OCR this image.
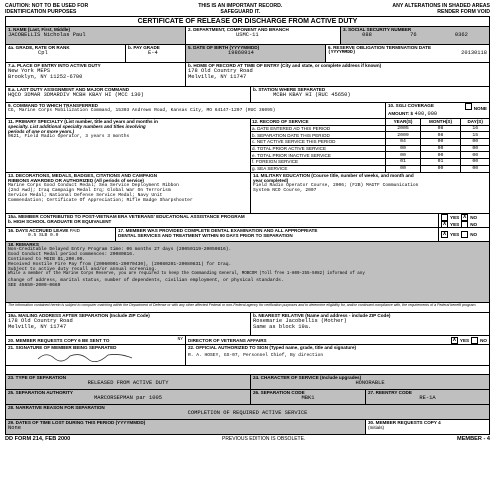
CAUTION: NOT TO BE USED FOR
IDENTIFICATION PURPOSES
THIS IS AN IMPORTANT RECORD.
SAFEGUARD IT.
ANY ALTERATIONS IN SHADED AREAS
RENDER FORM VOID
CERTIFICATE OF RELEASE OR DISCHARGE FROM ACTIVE DUTY
1. NAME (Last, First, Middle)
JACOBELLIS Nicholas Paul
2. DEPARTMENT, COMPONENT AND BRANCH
USMC-11
3. SOCIAL SECURITY NUMBER
088	76	0362
4a. GRADE, RATE OR RANK
Cpl
b. PAY GRADE
E-4
5. DATE OF BIRTH (YYYYMMDD)
19860914
6. RESERVE OBLIGATION TERMINATION DATE
(YYYYMMDD)	20130118
7.a. PLACE OF ENTRY INTO ACTIVE DUTY
New York MEPS
Brooklyn, NY 11252-6700
b. HOME OF RECORD AT TIME OF ENTRY (City and state, or complete address if known)
178 Old Country Road
Melville, NY 11747
8.a. LAST DUTY ASSIGNMENT AND MAJOR COMMAND
HQCO 3DMAR 3DMARDIV MCBH KBAY HI (MCC 130)
b. STATION WHERE SEPARATED
MCBH KBAY HI (RUC 45650)
9. COMMAND TO WHICH TRANSFERRED
CG, Marine Corps Mobilization Command, 15303 Andrews Road, Kansas City, MO 64147-1207 (RUC 36095)
10. SGLI COVERAGE
NONE
AMOUNT: $ 400,000
11. PRIMARY SPECIALTY (List number, title and years and months in
specialty. List additional specialty numbers and titles involving
periods of one or more years.)
0621, Field Radio Operator, 3 years 3 months
12. RECORD OF SERVICE	YEAR(S)	MONTH(S)	DAY(S)
a. DATE ENTERED AD THIS PERIOD	2005	08	16
b. SEPARATION DATE THIS PERIOD	2009	08	15
c. NET ACTIVE SERVICE THIS PERIOD	04	00	00
d. TOTAL PRIOR ACTIVE SERVICE	00	00	00
e. TOTAL PRIOR INACTIVE SERVICE	00	00	00
f. FOREIGN SERVICE	01	01	00
g. SEA SERVICE	00	00	00

13. DECORATIONS, MEDALS, BADGES, CITATIONS AND CAMPAIGN
RIBBONS AWARDED OR AUTHORIZED (All periods of service)
Marine Corps Good Conduct Medal; Sea Service Deployment Ribbon
(2nd Awd); Iraq Campaign Medal Irq; Global War On Terrorism
Service Medal; National Defense Service Medal; Navy Unit
Commendation; Certificate Of Appreciation; Rifle Badge Sharpshooter
14. MILITARY EDUCATION (Course title, number of weeks, and month and
year completed)
Field Radio Operator Course, 2006; (F2B) MAGTF Communication
System NCO Course, 2007
15a. MEMBER CONTRIBUTED TO POST-VIETNAM ERA VETERANS' EDUCATIONAL ASSISTANCE PROGRAM
b. HIGH SCHOOL GRADUATE OR EQUIVALENT
YES X NO
X YES NO
16. DAYS ACCRUED LEAVE PAID
0.5 SLB 0.0
17. MEMBER WAS PROVIDED COMPLETE DENTAL EXAMINATION AND ALL APPROPRIATE
DENTAL SERVICES AND TREATMENT WITHIN 90 DAYS PRIOR TO SEPARATION	X YES NO
18. REMARKS
Non-Creditable Delayed Entry Program time: 06 months 27 days (20050119-20050816).
Good Conduct Medal period commences: 20080816.
Continued to MGIB $1,200.00.
Received Hostile Fire Pay from (20060901-20070430), (20080201-20080831) for Iraq.
Subject to active duty recall and/or annual screening.
While a member of the Marine Corps Reserve, you are required to keep the Commanding General, MOBCOM (Toll free 1-800-255-5082) informed of any
change of address, marital status, number of dependents, civilian employment, or physical standards.
SEE 45650-2009-0669
The information contained herein is subject to computer matching within the Department of Defense or with any other affected Federal or non-Federal agency for verification purposes and to determine eligibility for, and/or continued compliance with, the requirements of a Federal benefit program.
19a. MAILING ADDRESS AFTER SEPARATION (Include ZIP Code)
178 Old Country Road
Melville, NY 11747
b. NEAREST RELATIVE (Name and address - include ZIP Code)
Rosemarie Jacobellis (Mother)
Same as block 19a.
20. MEMBER REQUESTS COPY 6 BE SENT TO	NY DIRECTOR OF VETERANS AFFAIRS	X YES NO
21. SIGNATURE OF MEMBER BEING SEPARATED	22. OFFICIAL AUTHORIZED TO SIGN (Typed name, grade, title and signature)
R. A. HOSEY, GS-07, Personnel Chief, By direction
23. TYPE OF SEPARATION
RELEASED FROM ACTIVE DUTY
24. CHARACTER OF SERVICE (Include upgrades)
HONORABLE
25. SEPARATION AUTHORITY
MARCORSEPMAN par 1005
26. SEPARATION CODE
MBK1
27. REENTRY CODE
RE-1A
28. NARRATIVE REASON FOR SEPARATION
COMPLETION OF REQUIRED ACTIVE SERVICE
29. DATES OF TIME LOST DURING THIS PERIOD (YYYYMMDD)
None
30. MEMBER REQUESTS COPY 4
(Initials)
DD FORM 214, FEB 2000	PREVIOUS EDITION IS OBSOLETE.	MEMBER - 4
